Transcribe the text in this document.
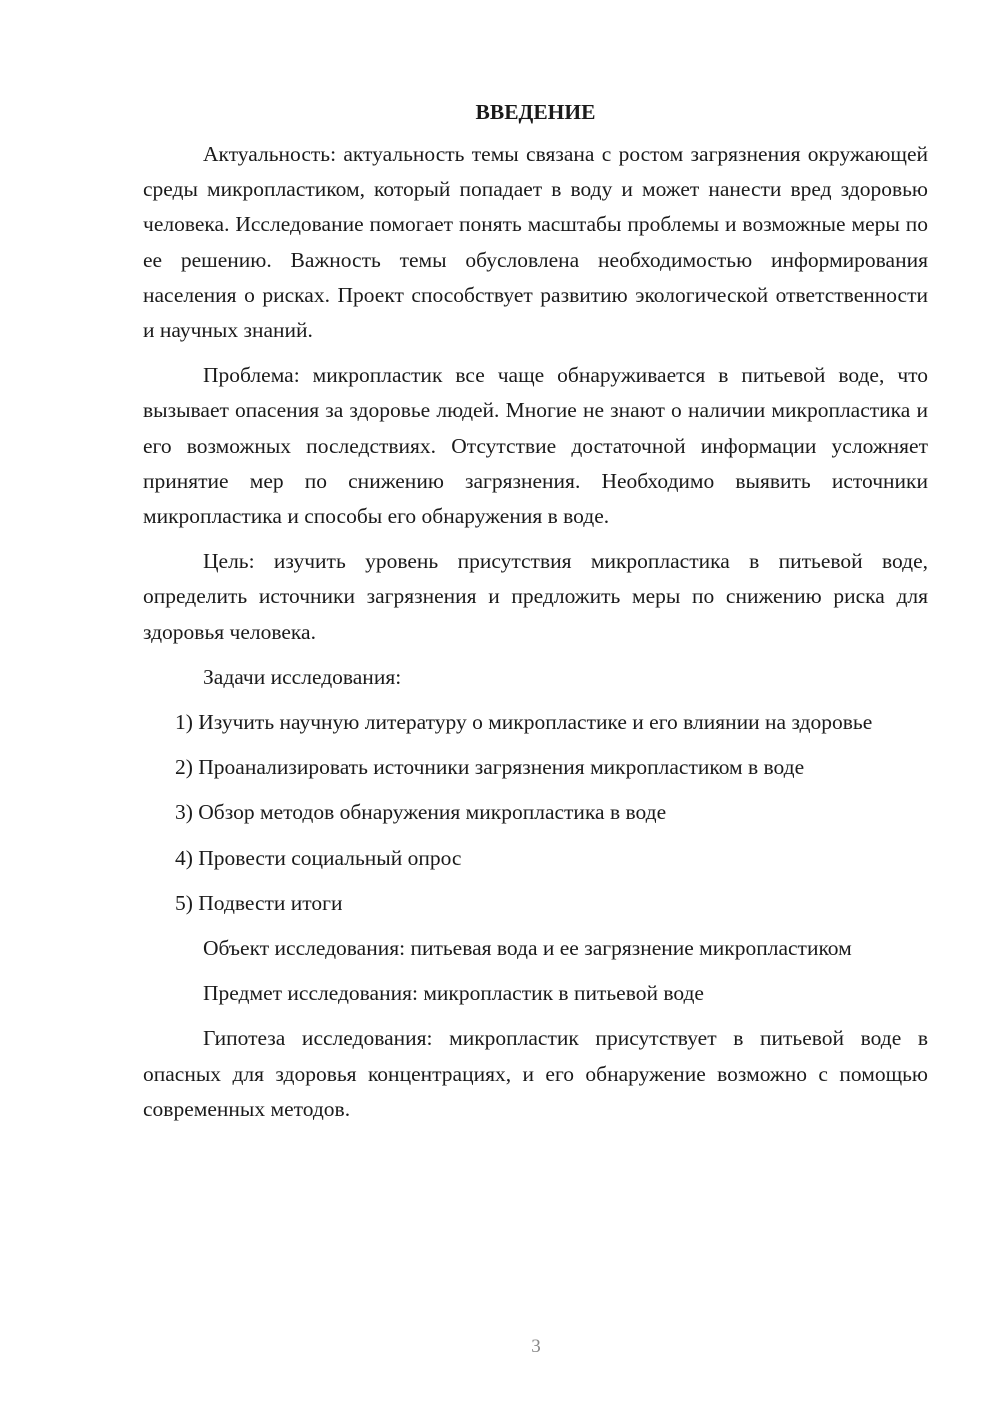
ВВЕДЕНИЕ

Актуальность: актуальность темы связана с ростом загрязнения окружающей среды микропластиком, который попадает в воду и может нанести вред здоровью человека. Исследование помогает понять масштабы проблемы и возможные меры по ее решению. Важность темы обусловлена необходимостью информирования населения о рисках. Проект способствует развитию экологической ответственности и научных знаний.

Проблема: микропластик все чаще обнаруживается в питьевой воде, что вызывает опасения за здоровье людей. Многие не знают о наличии микропластика и его возможных последствиях. Отсутствие достаточной информации усложняет принятие мер по снижению загрязнения. Необходимо выявить источники микропластика и способы его обнаружения в воде.

Цель: изучить уровень присутствия микропластика в питьевой воде, определить источники загрязнения и предложить меры по снижению риска для здоровья человека.

Задачи исследования:

1) Изучить научную литературу о микропластике и его влиянии на здоровье

2) Проанализировать источники загрязнения микропластиком в воде

3) Обзор методов обнаружения микропластика в воде

4) Провести социальный опрос

5) Подвести итоги

Объект исследования: питьевая вода и ее загрязнение микропластиком

Предмет исследования: микропластик в питьевой воде

Гипотеза исследования: микропластик присутствует в питьевой воде в опасных для здоровья концентрациях, и его обнаружение возможно с помощью современных методов.

3
